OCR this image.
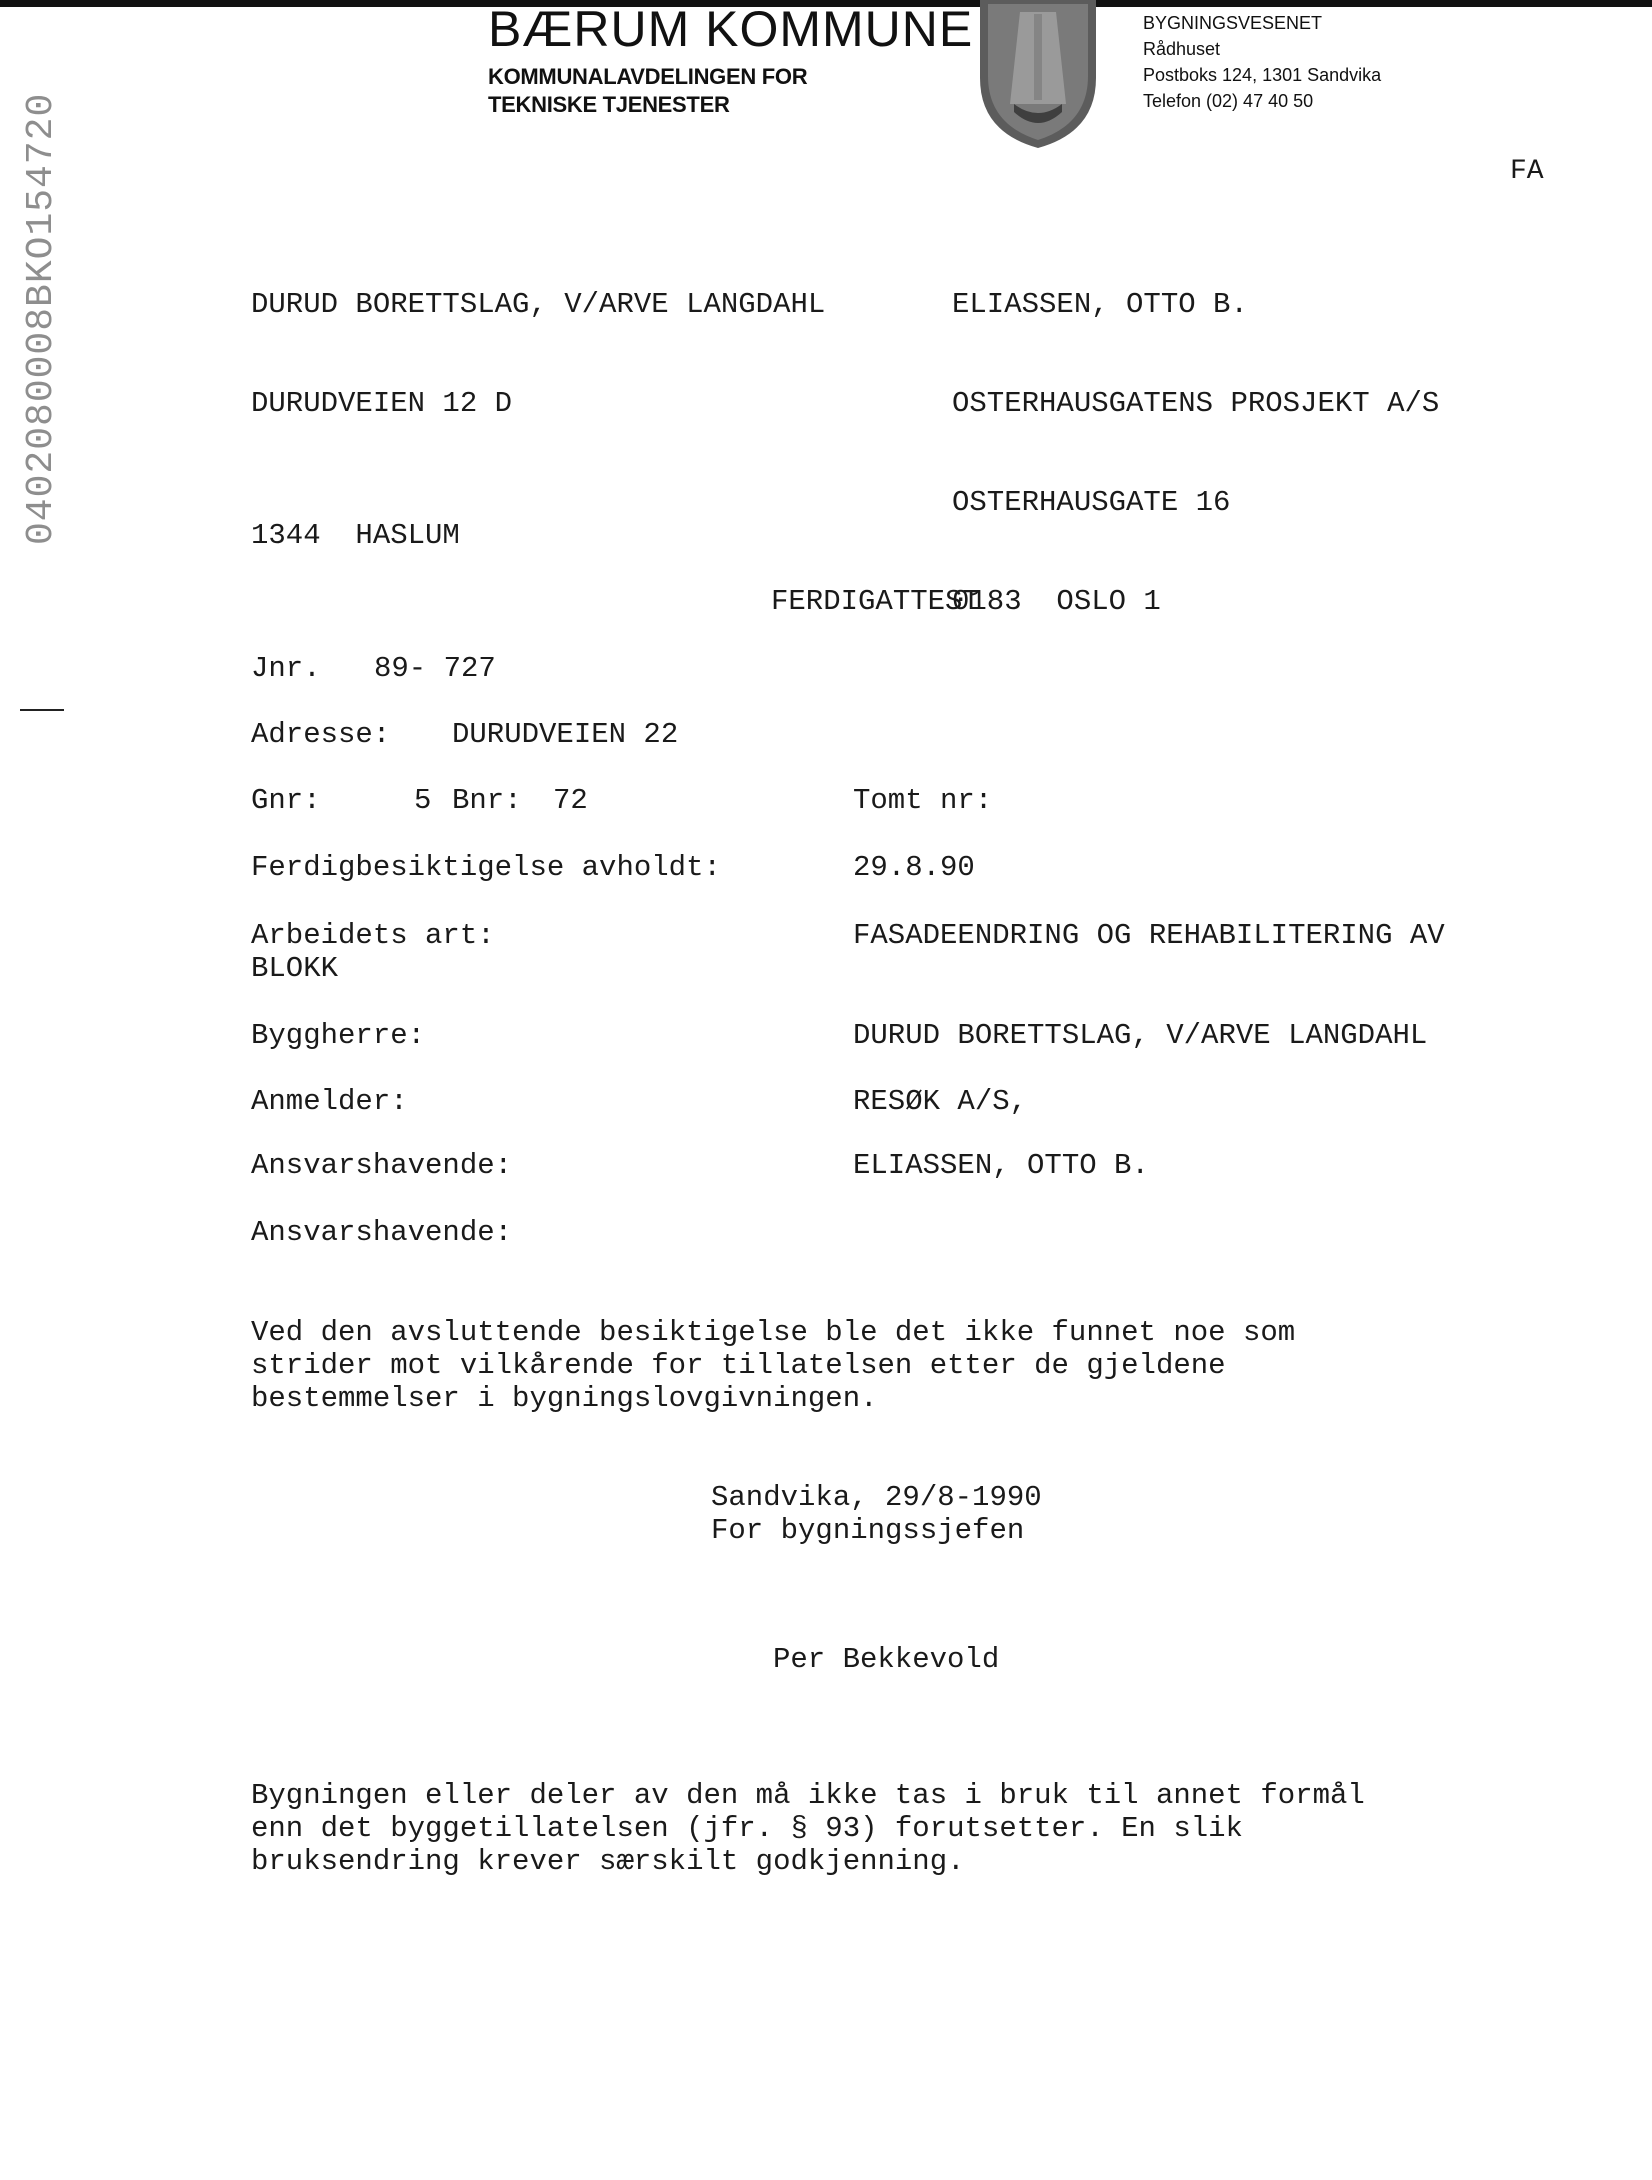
0402080008BKO154720
BÆRUM KOMMUNE
KOMMUNALAVDELINGEN FOR
TEKNISKE TJENESTER
BYGNINGSVESENET
Rådhuset
Postboks 124, 1301 Sandvika
Telefon (02) 47 40 50
FA

DURUD BORETTSLAG, V/ARVE LANGDAHL

DURUDVEIEN 12 D

1344  HASLUM

ELIASSEN, OTTO B.

OSTERHAUSGATENS PROSJEKT A/S

OSTERHAUSGATE 16

0183  OSLO 1

FERDIGATTEST
Jnr. 89- 727
Adresse: DURUDVEIEN 22
Gnr:	5 Bnr: 72	Tomt nr:
Ferdigbesiktigelse avholdt:	29.8.90
Arbeidets art:	FASADEENDRING OG REHABILITERING AV
BLOKK
Byggherre:	DURUD BORETTSLAG, V/ARVE LANGDAHL
Anmelder:	RESØK A/S,
Ansvarshavende:	ELIASSEN, OTTO B.
Ansvarshavende:
Ved den avsluttende besiktigelse ble det ikke funnet noe som
strider mot vilkårende for tillatelsen etter de gjeldene
bestemmelser i bygningslovgivningen.
Sandvika, 29/8-1990
For bygningssjefen
Per Bekkevold
Bygningen eller deler av den må ikke tas i bruk til annet formål
enn det byggetillatelsen (jfr. § 93) forutsetter. En slik
bruksendring krever særskilt godkjenning.
